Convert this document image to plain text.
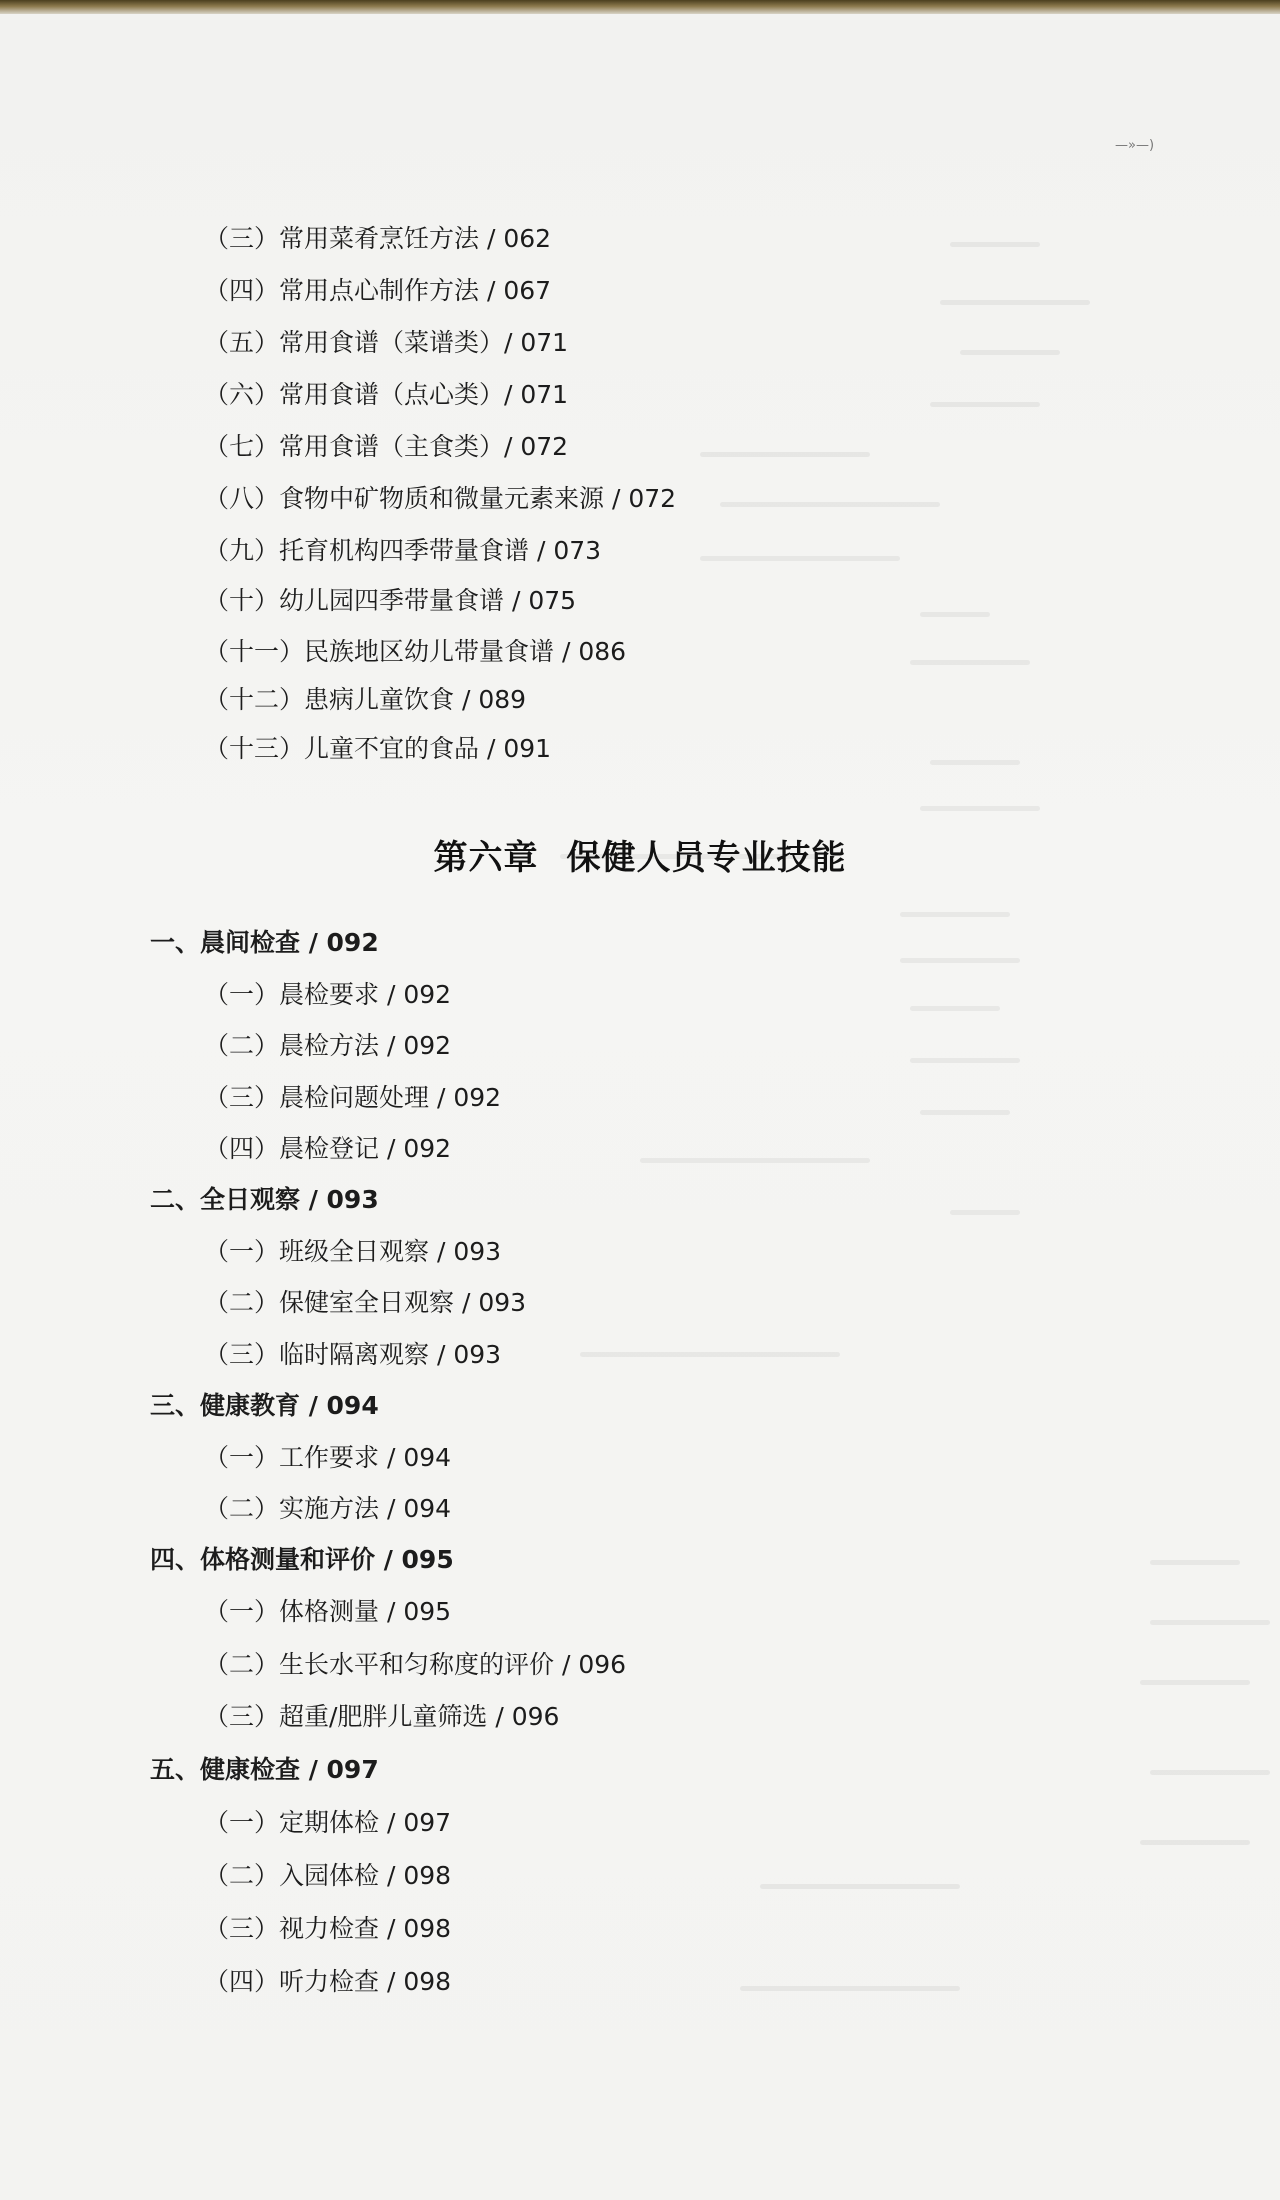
—»—)
（三）常用菜肴烹饪方法 / 062
（四）常用点心制作方法 / 067
（五）常用食谱（菜谱类）/ 071
（六）常用食谱（点心类）/ 071
（七）常用食谱（主食类）/ 072
（八）食物中矿物质和微量元素来源 / 072
（九）托育机构四季带量食谱 / 073
（十）幼儿园四季带量食谱 / 075
（十一）民族地区幼儿带量食谱 / 086
（十二）患病儿童饮食 / 089
（十三）儿童不宜的食品 / 091
第六章 保健人员专业技能
一、晨间检查 / 092
（一）晨检要求 / 092
（二）晨检方法 / 092
（三）晨检问题处理 / 092
（四）晨检登记 / 092
二、全日观察 / 093
（一）班级全日观察 / 093
（二）保健室全日观察 / 093
（三）临时隔离观察 / 093
三、健康教育 / 094
（一）工作要求 / 094
（二）实施方法 / 094
四、体格测量和评价 / 095
（一）体格测量 / 095
（二）生长水平和匀称度的评价 / 096
（三）超重/肥胖儿童筛选 / 096
五、健康检查 / 097
（一）定期体检 / 097
（二）入园体检 / 098
（三）视力检查 / 098
（四）听力检查 / 098
